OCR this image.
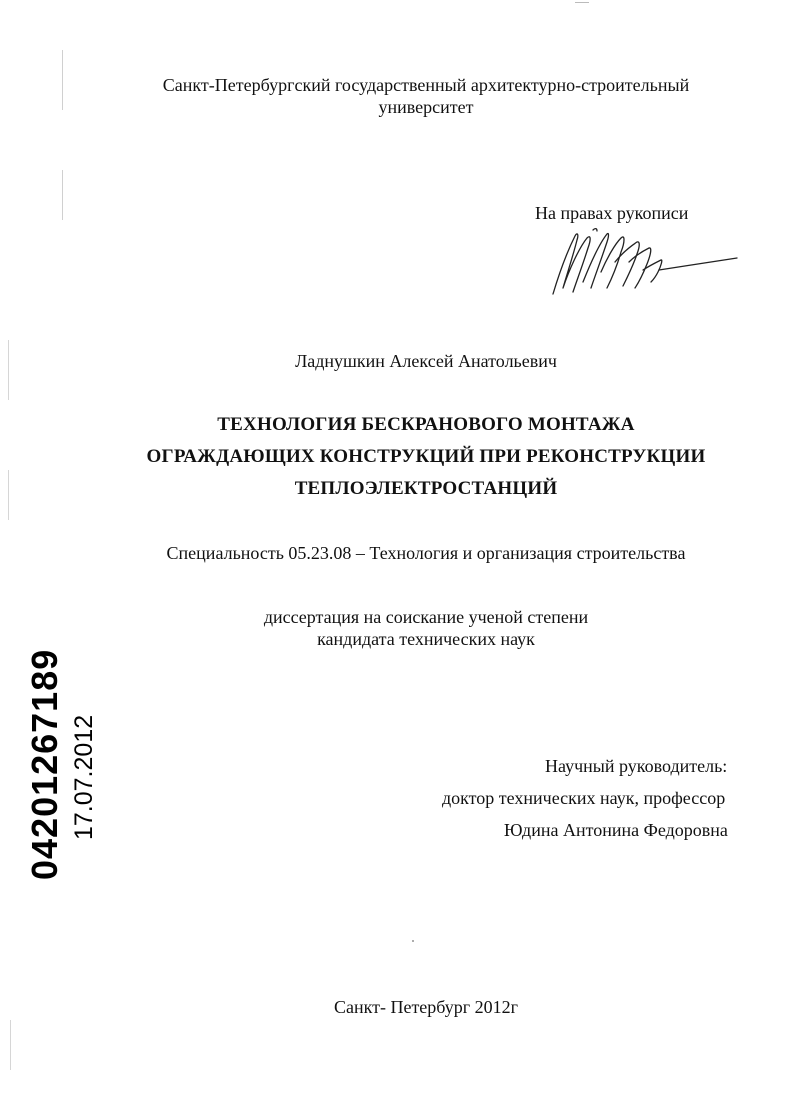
Санкт-Петербургский государственный архитектурно-строительный
университет
На правах рукописи
Ладнушкин Алексей Анатольевич
ТЕХНОЛОГИЯ БЕСКРАНОВОГО МОНТАЖА
ОГРАЖДАЮЩИХ КОНСТРУКЦИЙ ПРИ РЕКОНСТРУКЦИИ
ТЕПЛОЭЛЕКТРОСТАНЦИЙ
Специальность 05.23.08 – Технология и организация строительства
диссертация на соискание ученой степени
кандидата технических наук
Научный руководитель:
доктор технических наук, профессор
Юдина Антонина Федоровна
Санкт- Петербург 2012г
04201267189 17.07.2012
